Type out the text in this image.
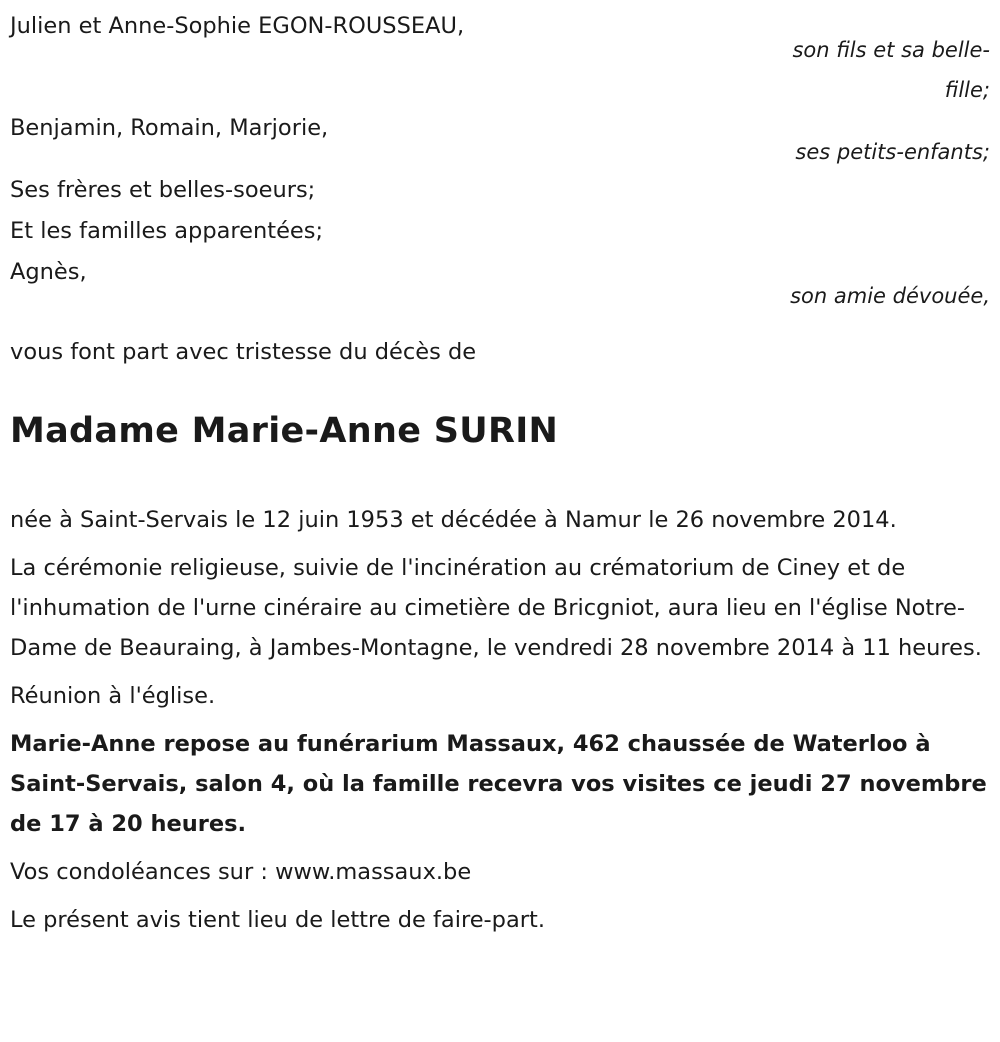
Julien et Anne-Sophie EGON-ROUSSEAU,
son fils et sa belle-fille;
Benjamin, Romain, Marjorie,
ses petits-enfants;
Ses frères et belles-soeurs;
Et les familles apparentées;
Agnès,
son amie dévouée,
vous font part avec tristesse du décès de
Madame Marie-Anne SURIN

née à Saint-Servais le 12 juin 1953 et décédée à Namur le 26 novembre 2014.

La cérémonie religieuse, suivie de l'incinération au crématorium de Ciney et de l'inhumation de l'urne cinéraire au cimetière de Bricgniot, aura lieu en l'église Notre-Dame de Beauraing, à Jambes-Montagne, le vendredi 28 novembre 2014 à 11 heures.

Réunion à l'église.

Marie-Anne repose au funérarium Massaux, 462 chaussée de Waterloo à Saint-Servais, salon 4, où la famille recevra vos visites ce jeudi 27 novembre de 17 à 20 heures.

Vos condoléances sur : www.massaux.be

Le présent avis tient lieu de lettre de faire-part.
